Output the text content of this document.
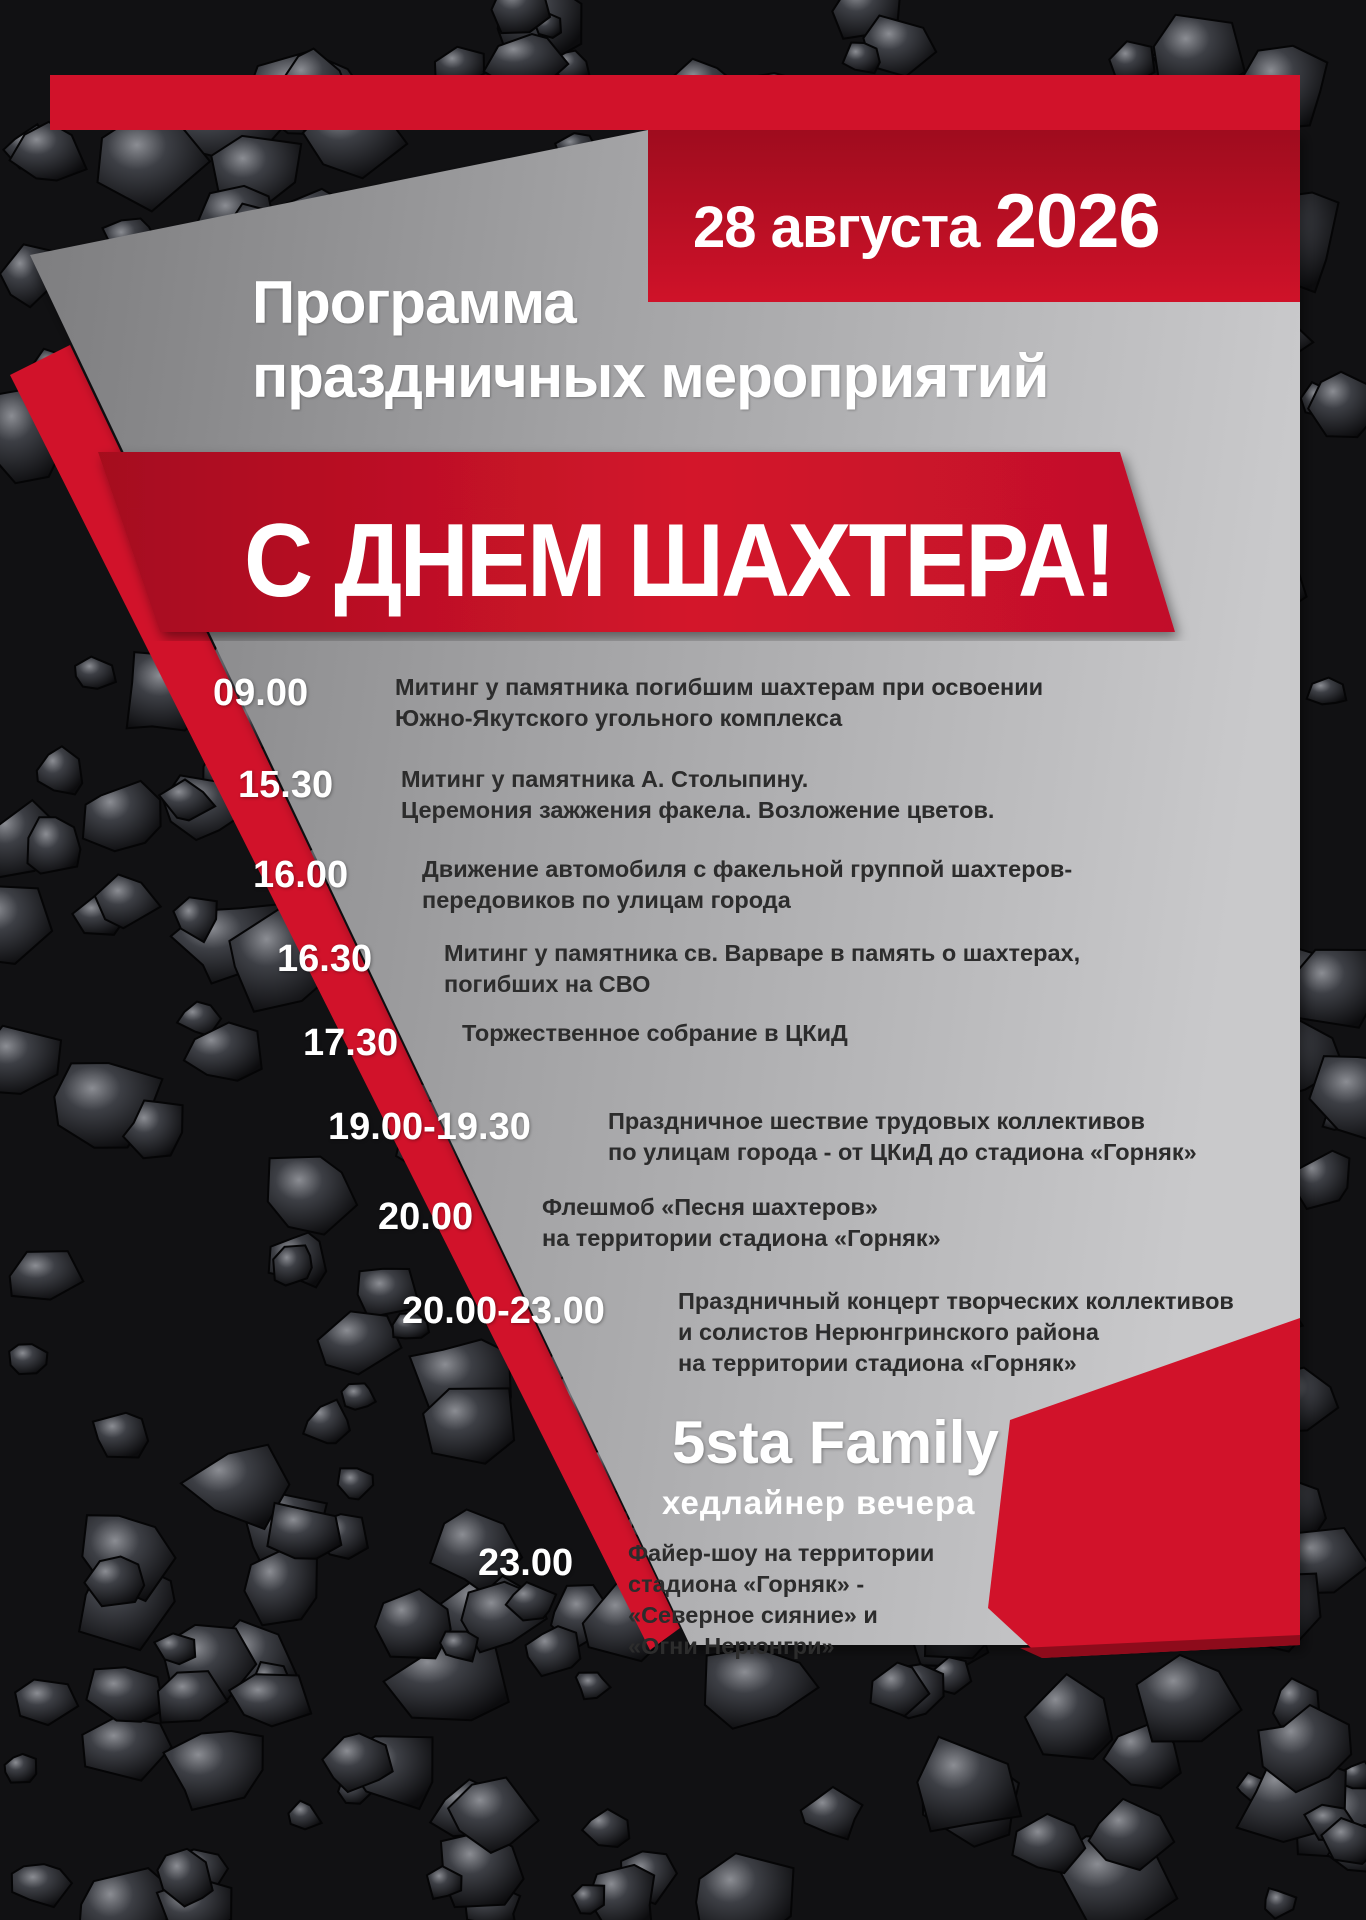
28 августа 2026
Программа
праздничных мероприятий
С ДНЕМ ШАХТЕРА!
09.00	Митинг у памятника погибшим шахтерам при освоении
Южно-Якутского угольного комплекса
15.30	Митинг у памятника А. Столыпину.
Церемония зажжения факела. Возложение цветов.
16.00	Движение автомобиля с факельной группой шахтеров-
передовиков по улицам города
16.30	Митинг у памятника св. Варваре в память о шахтерах,
погибших на СВО
17.30	Торжественное собрание в ЦКиД
19.00-19.30	Праздничное шествие трудовых коллективов
по улицам города - от ЦКиД до стадиона «Горняк»
20.00	Флешмоб «Песня шахтеров»
на территории стадиона «Горняк»
20.00-23.00	Праздничный концерт творческих коллективов
и солистов Нерюнгринского района
на территории стадиона «Горняк»
23.00 Файер-шоу на территории
стадиона «Горняк» -
«Северное сияние» и
«Огни Нерюнгри»
5sta Family
хедлайнер вечера
